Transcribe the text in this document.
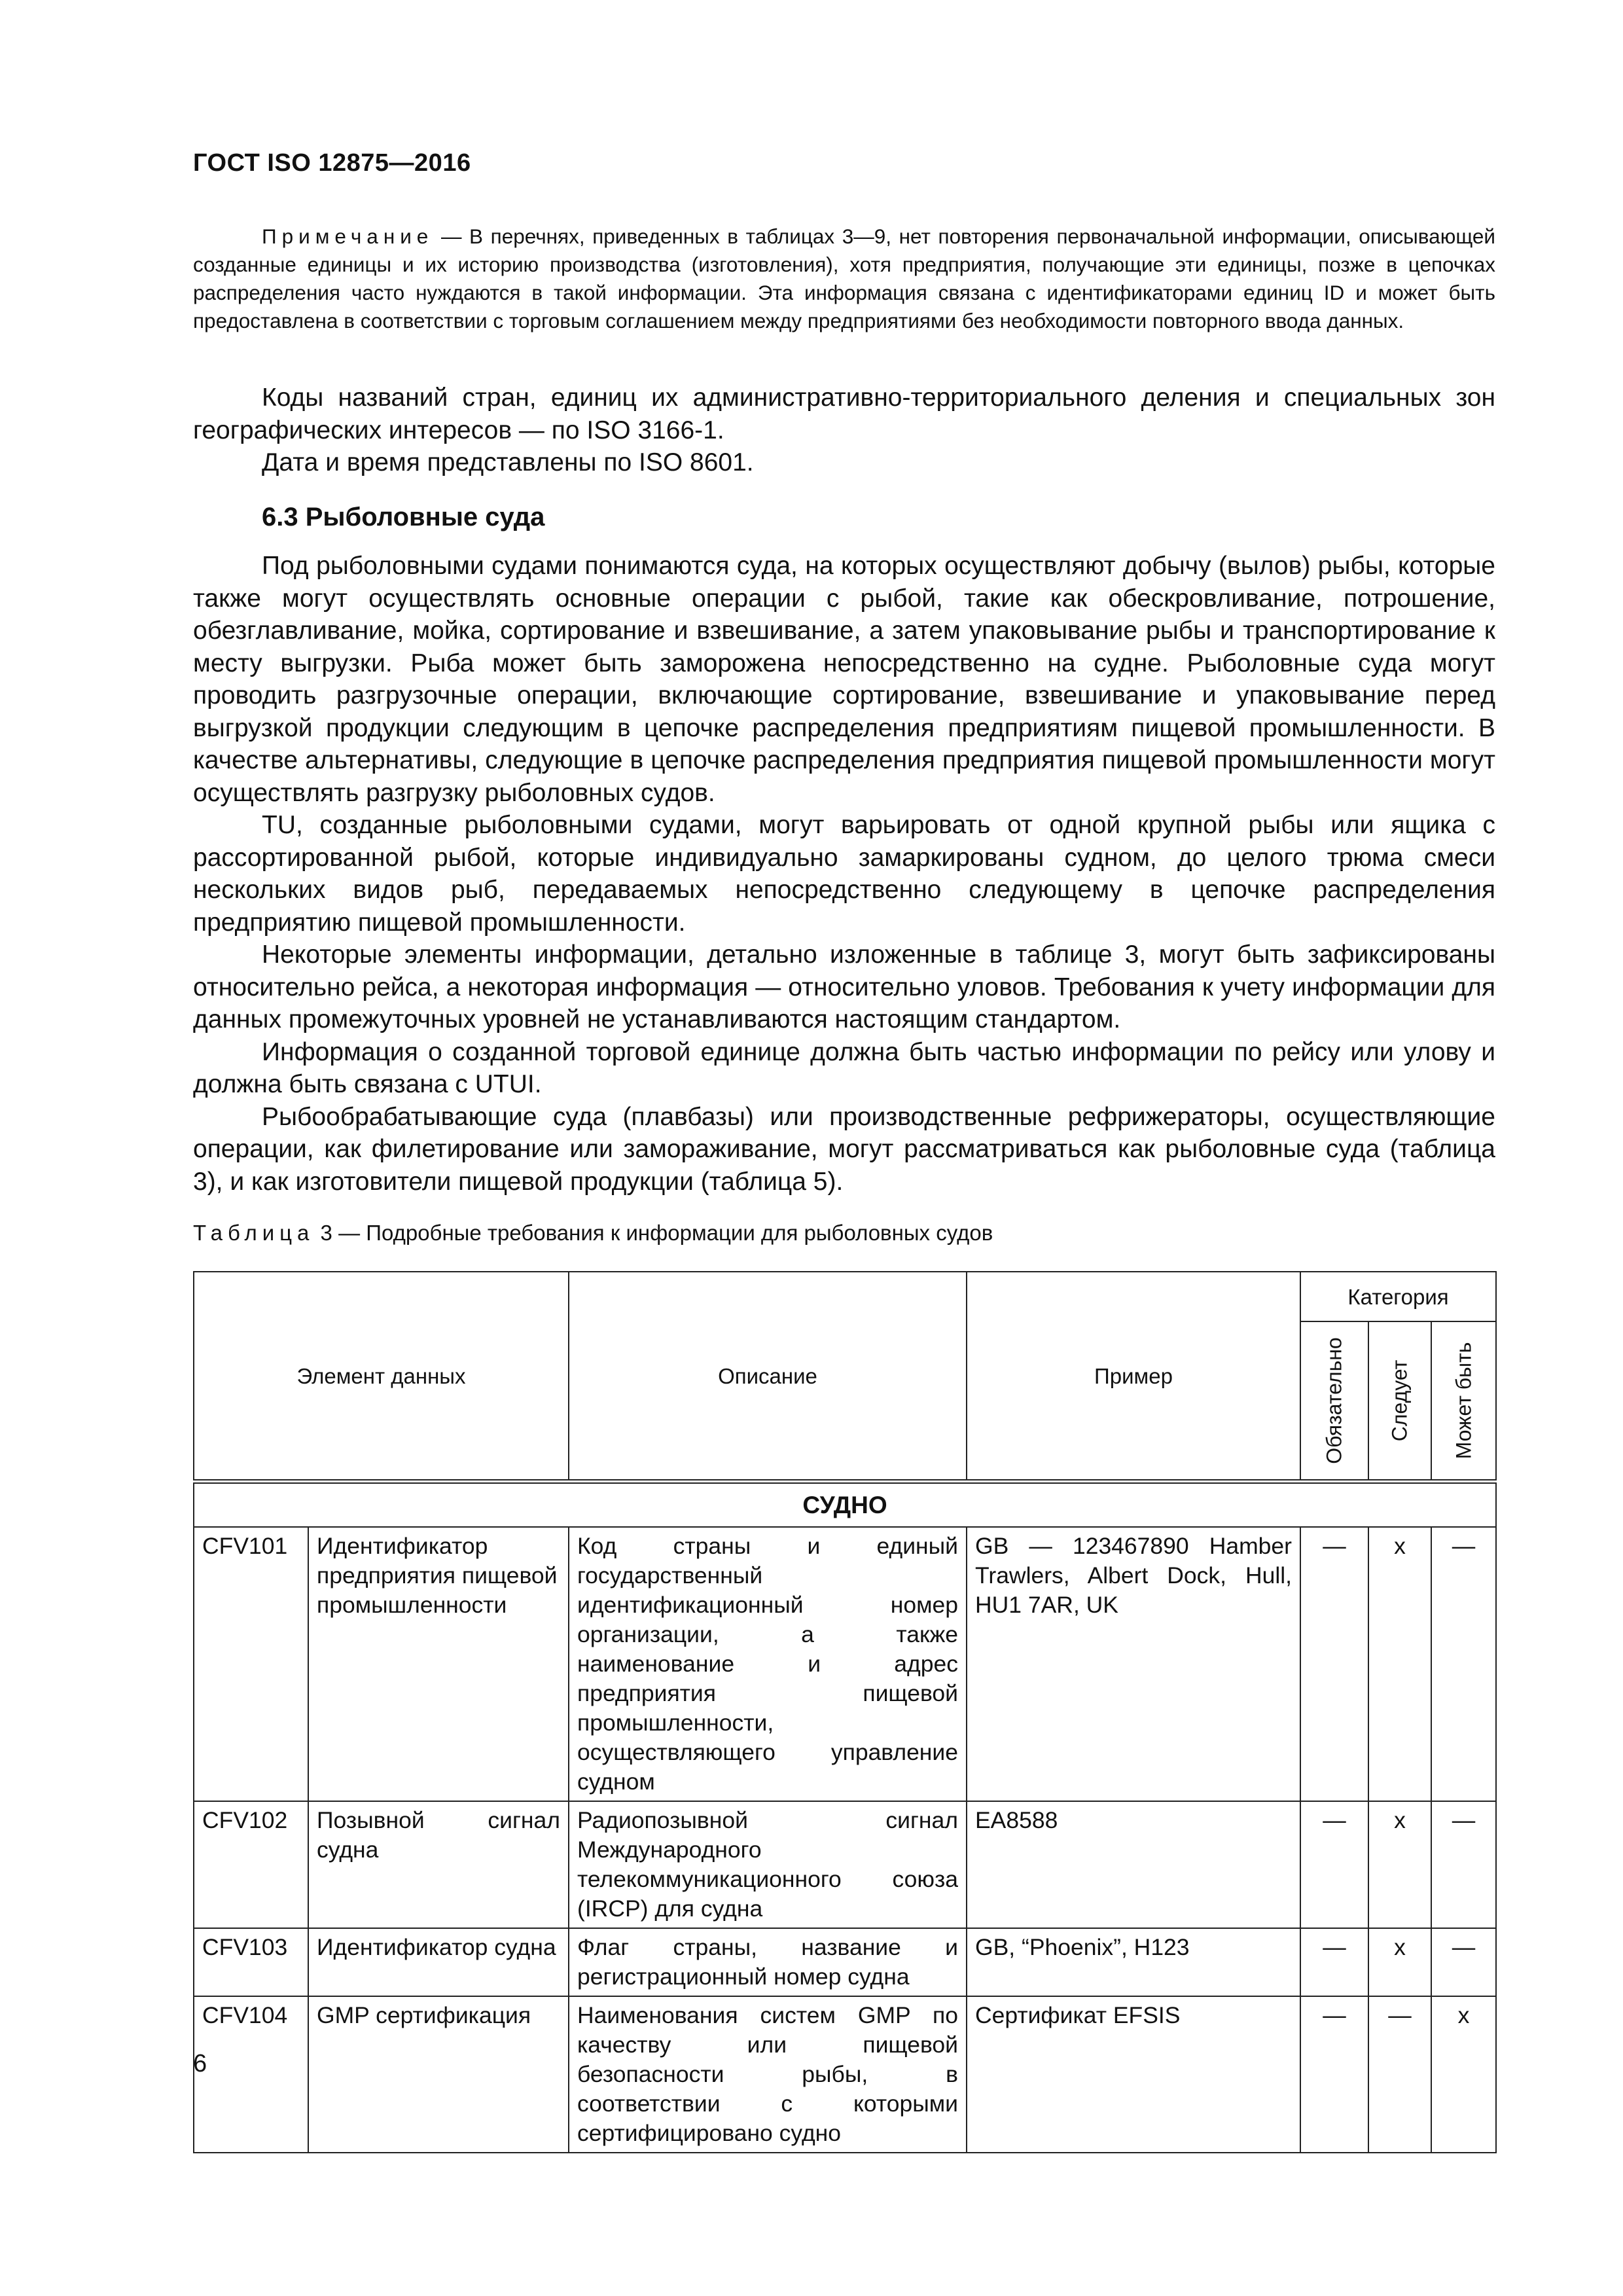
ГОСТ ISO 12875—2016
Примечание — В перечнях, приведенных в таблицах 3—9, нет повторения первоначальной информации, описывающей созданные единицы и их историю производства (изготовления), хотя предприятия, получающие эти единицы, позже в цепочках распределения часто нуждаются в такой информации. Эта информация связана с идентификаторами единиц ID и может быть предоставлена в соответствии с торговым соглашением между предприятиями без необходимости повторного ввода данных.

Коды названий стран, единиц их административно-территориального деления и специальных зон географических интересов — по ISO 3166-1.

Дата и время представлены по ISO 8601.

6.3 Рыболовные суда

Под рыболовными судами понимаются суда, на которых осуществляют добычу (вылов) рыбы, которые также могут осуществлять основные операции с рыбой, такие как обескровливание, потрошение, обезглавливание, мойка, сортирование и взвешивание, а затем упаковывание рыбы и транспортирование к месту выгрузки. Рыба может быть заморожена непосредственно на судне. Рыболовные суда могут проводить разгрузочные операции, включающие сортирование, взвешивание и упаковывание перед выгрузкой продукции следующим в цепочке распределения предприятиям пищевой промышленности. В качестве альтернативы, следующие в цепочке распределения предприятия пищевой промышленности могут осуществлять разгрузку рыболовных судов.

TU, созданные рыболовными судами, могут варьировать от одной крупной рыбы или ящика с рассортированной рыбой, которые индивидуально замаркированы судном, до целого трюма смеси нескольких видов рыб, передаваемых непосредственно следующему в цепочке распределения предприятию пищевой промышленности.

Некоторые элементы информации, детально изложенные в таблице 3, могут быть зафиксированы относительно рейса, а некоторая информация — относительно уловов. Требования к учету информации для данных промежуточных уровней не устанавливаются настоящим стандартом.

Информация о созданной торговой единице должна быть частью информации по рейсу или улову и должна быть связана с UTUI.

Рыбообрабатывающие суда (плавбазы) или производственные рефрижераторы, осуществляющие операции, как филетирование или замораживание, могут рассматриваться как рыболовные суда (таблица 3), и как изготовители пищевой продукции (таблица 5).

Таблица 3 — Подробные требования к информации для рыболовных судов
Элемент данных		Описание	Пример	Категория		

				Обязательно	Следует	Может быть

СУДНО						
CFV101	Идентификатор предприятия пищевой промышленности	Код страны и единый государственный идентификационный номер организации, а также наименование и адрес предприятия пищевой промышленности, осуществляющего управление судном	GB — 123467890 Hamber Trawlers, Albert Dock, Hull, HU1 7AR, UK	—	x	—
CFV102	Позывной сигнал судна	Радиопозывной сигнал Международного телекоммуникационного союза (IRCP) для судна	EA8588	—	x	—
CFV103	Идентификатор судна	Флаг страны, название и регистрационный номер судна	GB, “Phoenix”, H123	—	x	—
CFV104	GMP сертификация	Наименования систем GMP по качеству или пищевой безопасности рыбы, в соответствии с которыми сертифицировано судно	Сертификат EFSIS	—	—	x
6
